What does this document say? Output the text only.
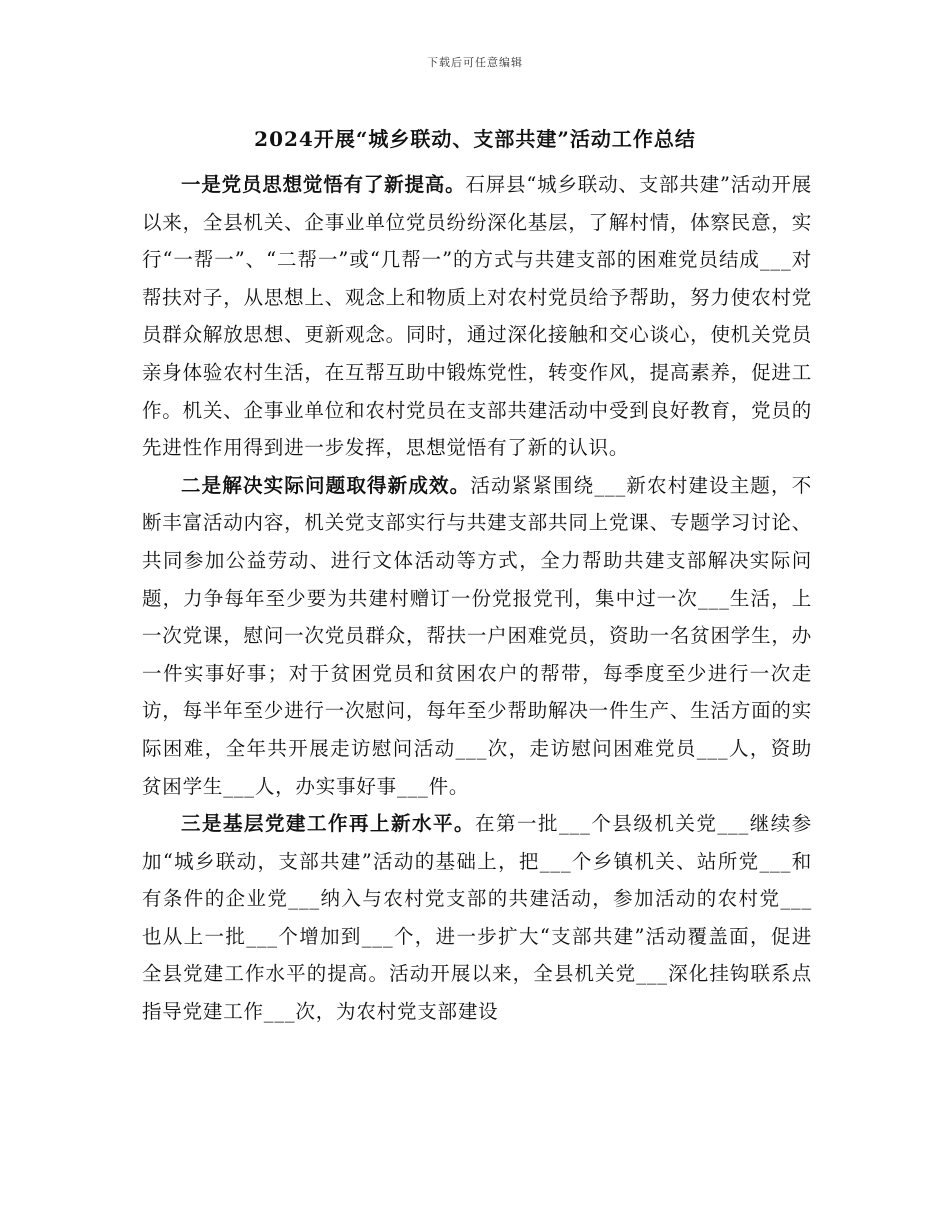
下载后可任意编辑
2024开展“城乡联动、支部共建”活动工作总结

一是党员思想觉悟有了新提高。石屏县“城乡联动、支部共建”活动开展以来，全县机关、企事业单位党员纷纷深化基层，了解村情，体察民意，实行“一帮一”、“二帮一”或“几帮一”的方式与共建支部的困难党员结成___对帮扶对子，从思想上、观念上和物质上对农村党员给予帮助，努力使农村党员群众解放思想、更新观念。同时，通过深化接触和交心谈心，使机关党员亲身体验农村生活，在互帮互助中锻炼党性，转变作风，提高素养，促进工作。机关、企事业单位和农村党员在支部共建活动中受到良好教育，党员的先进性作用得到进一步发挥，思想觉悟有了新的认识。

二是解决实际问题取得新成效。活动紧紧围绕___新农村建设主题，不断丰富活动内容，机关党支部实行与共建支部共同上党课、专题学习讨论、共同参加公益劳动、进行文体活动等方式，全力帮助共建支部解决实际问题，力争每年至少要为共建村赠订一份党报党刊，集中过一次___生活，上一次党课，慰问一次党员群众，帮扶一户困难党员，资助一名贫困学生，办一件实事好事；对于贫困党员和贫困农户的帮带，每季度至少进行一次走访，每半年至少进行一次慰问，每年至少帮助解决一件生产、生活方面的实际困难，全年共开展走访慰问活动___次，走访慰问困难党员___人，资助贫困学生___人，办实事好事___件。

三是基层党建工作再上新水平。在第一批___个县级机关党___继续参加“城乡联动，支部共建”活动的基础上，把___个乡镇机关、站所党___和有条件的企业党___纳入与农村党支部的共建活动，参加活动的农村党___也从上一批___个增加到___个，进一步扩大“支部共建”活动覆盖面，促进全县党建工作水平的提高。活动开展以来，全县机关党___深化挂钩联系点指导党建工作___次，为农村党支部建设
